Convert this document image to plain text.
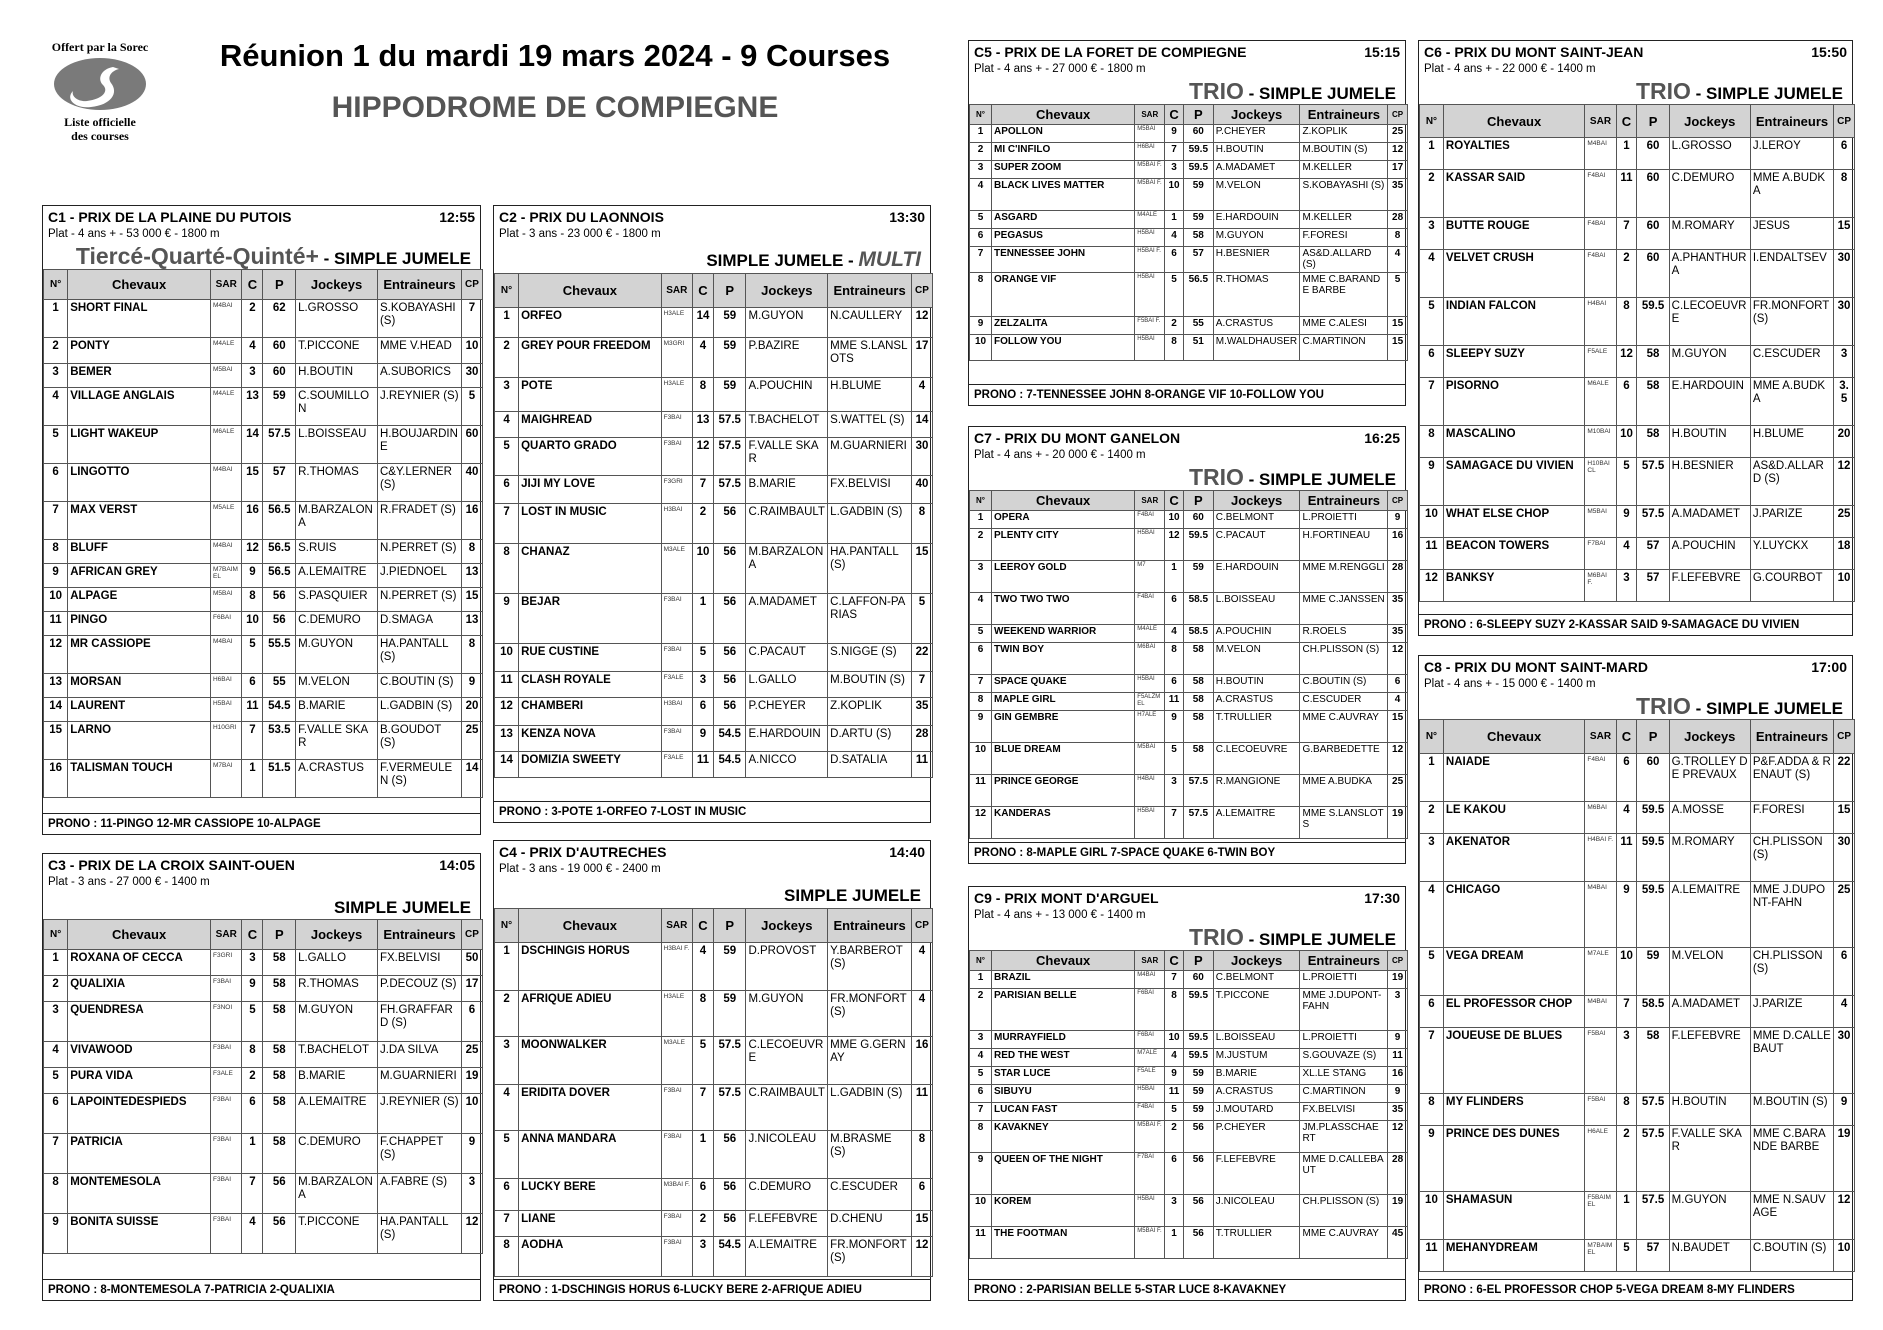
Offert par la Sorec
Liste officielle
des courses
Réunion 1 du mardi 19 mars 2024 - 9 Courses
HIPPODROME DE COMPIEGNE
C1 - PRIX DE LA PLAINE DU PUTOIS	12:55
Plat - 4 ans + - 53 000 € - 1800 m
Tiercé-Quarté-Quinté+ - SIMPLE JUMELE
N°	Chevaux	SAR	C	P	Jockeys	Entraineurs	CP
1	SHORT FINAL	M4BAI	2	62	L.GROSSO	S.KOBAYASHI (S)	7
2	PONTY	M4ALE	4	60	T.PICCONE	MME V.HEAD	10
3	BEMER	M5BAI	3	60	H.BOUTIN	A.SUBORICS	30
4	VILLAGE ANGLAIS	M4ALE	13	59	C.SOUMILLON	J.REYNIER (S)	5
5	LIGHT WAKEUP	M6ALE	14	57.5	L.BOISSEAU	H.BOUJARDINE	60
6	LINGOTTO	M4BAI	15	57	R.THOMAS	C&Y.LERNER (S)	40
7	MAX VERST	M5ALE	16	56.5	M.BARZALONA	R.FRADET (S)	16
8	BLUFF	M4BAI	12	56.5	S.RUIS	N.PERRET (S)	8
9	AFRICAN GREY	M7BAIMEL	9	56.5	A.LEMAITRE	J.PIEDNOEL	13
10	ALPAGE	M5BAI	8	56	S.PASQUIER	N.PERRET (S)	15
11	PINGO	F6BAI	10	56	C.DEMURO	D.SMAGA	13
12	MR CASSIOPE	M4BAI	5	55.5	M.GUYON	HA.PANTALL (S)	8
13	MORSAN	H6BAI	6	55	M.VELON	C.BOUTIN (S)	9
14	LAURENT	H5BAI	11	54.5	B.MARIE	L.GADBIN (S)	20
15	LARNO	H10GRI	7	53.5	F.VALLE SKAR	B.GOUDOT (S)	25
16	TALISMAN TOUCH	M7BAI	1	51.5	A.CRASTUS	F.VERMEULEN (S)	14
PRONO : 11-PINGO 12-MR CASSIOPE 10-ALPAGE
C2 - PRIX DU LAONNOIS	13:30
Plat - 3 ans - 23 000 € - 1800 m
SIMPLE JUMELE - MULTI
N°	Chevaux	SAR	C	P	Jockeys	Entraineurs	CP
1	ORFEO	H3ALE	14	59	M.GUYON	N.CAULLERY	12
2	GREY POUR FREEDOM	M3GRI	4	59	P.BAZIRE	MME S.LANSLOTS	17
3	POTE	H3ALE	8	59	A.POUCHIN	H.BLUME	4
4	MAIGHREAD	F3BAI	13	57.5	T.BACHELOT	S.WATTEL (S)	14
5	QUARTO GRADO	F3BAI	12	57.5	F.VALLE SKAR	M.GUARNIERI	30
6	JIJI MY LOVE	F3GRI	7	57.5	B.MARIE	FX.BELVISI	40
7	LOST IN MUSIC	H3BAI	2	56	C.RAIMBAULT	L.GADBIN (S)	8
8	CHANAZ	M3ALE	10	56	M.BARZALONA	HA.PANTALL (S)	15
9	BEJAR	F3BAI	1	56	A.MADAMET	C.LAFFON-PARIAS	5
10	RUE CUSTINE	F3BAI	5	56	C.PACAUT	S.NIGGE (S)	22
11	CLASH ROYALE	F3ALE	3	56	L.GALLO	M.BOUTIN (S)	7
12	CHAMBERI	H3BAI	6	56	P.CHEYER	Z.KOPLIK	35
13	KENZA NOVA	F3BAI	9	54.5	E.HARDOUIN	D.ARTU (S)	28
14	DOMIZIA SWEETY	F3ALE	11	54.5	A.NICCO	D.SATALIA	11
PRONO : 3-POTE 1-ORFEO 7-LOST IN MUSIC
C3 - PRIX DE LA CROIX SAINT-OUEN	14:05
Plat - 3 ans - 27 000 € - 1400 m
SIMPLE JUMELE
N°	Chevaux	SAR	C	P	Jockeys	Entraineurs	CP
1	ROXANA OF CECCA	F3GRI	3	58	L.GALLO	FX.BELVISI	50
2	QUALIXIA	F3BAI	9	58	R.THOMAS	P.DECOUZ (S)	17
3	QUENDRESA	F3NOI	5	58	M.GUYON	FH.GRAFFARD (S)	6
4	VIVAWOOD	F3BAI	8	58	T.BACHELOT	J.DA SILVA	25
5	PURA VIDA	F3ALE	2	58	B.MARIE	M.GUARNIERI	19
6	LAPOINTEDESPIEDS	F3BAI	6	58	A.LEMAITRE	J.REYNIER (S)	10
7	PATRICIA	F3BAI	1	58	C.DEMURO	F.CHAPPET (S)	9
8	MONTEMESOLA	F3BAI	7	56	M.BARZALONA	A.FABRE (S)	3
9	BONITA SUISSE	F3BAI	4	56	T.PICCONE	HA.PANTALL (S)	12
PRONO : 8-MONTEMESOLA 7-PATRICIA 2-QUALIXIA
C4 - PRIX D'AUTRECHES	14:40
Plat - 3 ans - 19 000 € - 2400 m
SIMPLE JUMELE
N°	Chevaux	SAR	C	P	Jockeys	Entraineurs	CP
1	DSCHINGIS HORUS	H3BAI F.	4	59	D.PROVOST	Y.BARBEROT (S)	4
2	AFRIQUE ADIEU	H3ALE	8	59	M.GUYON	FR.MONFORT (S)	4
3	MOONWALKER	M3ALE	5	57.5	C.LECOEUVRE	MME G.GERNAY	16
4	ERIDITA DOVER	F3BAI	7	57.5	C.RAIMBAULT	L.GADBIN (S)	11
5	ANNA MANDARA	F3BAI	1	56	J.NICOLEAU	M.BRASME (S)	8
6	LUCKY BERE	M3BAI F.	6	56	C.DEMURO	C.ESCUDER	6
7	LIANE	F3BAI	2	56	F.LEFEBVRE	D.CHENU	15
8	AODHA	F3BAI	3	54.5	A.LEMAITRE	FR.MONFORT (S)	12
PRONO : 1-DSCHINGIS HORUS 6-LUCKY BERE 2-AFRIQUE ADIEU
C5 - PRIX DE LA FORET DE COMPIEGNE	15:15
Plat - 4 ans + - 27 000 € - 1800 m
TRIO - SIMPLE JUMELE
N°	Chevaux	SAR	C	P	Jockeys	Entraineurs	CP
1	APOLLON	M5BAI	9	60	P.CHEYER	Z.KOPLIK	25
2	MI C'INFILO	H6BAI	7	59.5	H.BOUTIN	M.BOUTIN (S)	12
3	SUPER ZOOM	M5BAI F.	3	59.5	A.MADAMET	M.KELLER	17
4	BLACK LIVES MATTER	M5BAI F.	10	59	M.VELON	S.KOBAYASHI (S)	35
5	ASGARD	M4ALE	1	59	E.HARDOUIN	M.KELLER	28
6	PEGASUS	H5BAI	4	58	M.GUYON	F.FORESI	8
7	TENNESSEE JOHN	H5BAI F.	6	57	H.BESNIER	AS&D.ALLARD (S)	4
8	ORANGE VIF	H5BAI	5	56.5	R.THOMAS	MME C.BARANDE BARBE	5
9	ZELZALITA	F5BAI F.	2	55	A.CRASTUS	MME C.ALESI	15
10	FOLLOW YOU	H5BAI	8	51	M.WALDHAUSER	C.MARTINON	15
PRONO : 7-TENNESSEE JOHN 8-ORANGE VIF 10-FOLLOW YOU
C6 - PRIX DU MONT SAINT-JEAN	15:50
Plat - 4 ans + - 22 000 € - 1400 m
TRIO - SIMPLE JUMELE
N°	Chevaux	SAR	C	P	Jockeys	Entraineurs	CP
1	ROYALTIES	M4BAI	1	60	L.GROSSO	J.LEROY	6
2	KASSAR SAID	F4BAI	11	60	C.DEMURO	MME A.BUDKA	8
3	BUTTE ROUGE	F4BAI	7	60	M.ROMARY	JESUS	15
4	VELVET CRUSH	F4BAI	2	60	A.PHANTHURA	I.ENDALTSEV	30
5	INDIAN FALCON	H4BAI	8	59.5	C.LECOEUVRE	FR.MONFORT (S)	30
6	SLEEPY SUZY	F5ALE	12	58	M.GUYON	C.ESCUDER	3
7	PISORNO	M6ALE	6	58	E.HARDOUIN	MME A.BUDKA	3.5
8	MASCALINO	M10BAI	10	58	H.BOUTIN	H.BLUME	20
9	SAMAGACE DU VIVIEN	H10BAI CL	5	57.5	H.BESNIER	AS&D.ALLARD (S)	12
10	WHAT ELSE CHOP	M5BAI	9	57.5	A.MADAMET	J.PARIZE	25
11	BEACON TOWERS	F7BAI	4	57	A.POUCHIN	Y.LUYCKX	18
12	BANKSY	M6BAI F.	3	57	F.LEFEBVRE	G.COURBOT	10
PRONO : 6-SLEEPY SUZY 2-KASSAR SAID 9-SAMAGACE DU VIVIEN
C7 - PRIX DU MONT GANELON	16:25
Plat - 4 ans + - 20 000 € - 1400 m
TRIO - SIMPLE JUMELE
N°	Chevaux	SAR	C	P	Jockeys	Entraineurs	CP
1	OPERA	F4BAI	10	60	C.BELMONT	L.PROIETTI	9
2	PLENTY CITY	H5BAI	12	59.5	C.PACAUT	H.FORTINEAU	16
3	LEEROY GOLD	M7	1	59	E.HARDOUIN	MME M.RENGGLI	28
4	TWO TWO TWO	F4BAI	6	58.5	L.BOISSEAU	MME C.JANSSEN	35
5	WEEKEND WARRIOR	M4ALE	4	58.5	A.POUCHIN	R.ROELS	35
6	TWIN BOY	M6BAI	8	58	M.VELON	CH.PLISSON (S)	12
7	SPACE QUAKE	H5BAI	6	58	H.BOUTIN	C.BOUTIN (S)	6
8	MAPLE GIRL	F5ALZM EL	11	58	A.CRASTUS	C.ESCUDER	4
9	GIN GEMBRE	H7ALE	9	58	T.TRULLIER	MME C.AUVRAY	15
10	BLUE DREAM	M5BAI	5	58	C.LECOEUVRE	G.BARBEDETTE	12
11	PRINCE GEORGE	H4BAI	3	57.5	R.MANGIONE	MME A.BUDKA	25
12	KANDERAS	H5BAI	7	57.5	A.LEMAITRE	MME S.LANSLOTS	19
PRONO : 8-MAPLE GIRL 7-SPACE QUAKE 6-TWIN BOY
C8 - PRIX DU MONT SAINT-MARD	17:00
Plat - 4 ans + - 15 000 € - 1400 m
TRIO - SIMPLE JUMELE
N°	Chevaux	SAR	C	P	Jockeys	Entraineurs	CP
1	NAIADE	F4BAI	6	60	G.TROLLEY DE PREVAUX	P&F.ADDA & RENAUT (S)	22
2	LE KAKOU	M6BAI	4	59.5	A.MOSSE	F.FORESI	15
3	AKENATOR	H4BAI F.	11	59.5	M.ROMARY	CH.PLISSON (S)	30
4	CHICAGO	M4BAI	9	59.5	A.LEMAITRE	MME J.DUPONT-FAHN	25
5	VEGA DREAM	M7ALE	10	59	M.VELON	CH.PLISSON (S)	6
6	EL PROFESSOR CHOP	M4BAI	7	58.5	A.MADAMET	J.PARIZE	4
7	JOUEUSE DE BLUES	F5BAI	3	58	F.LEFEBVRE	MME D.CALLEBAUT	30
8	MY FLINDERS	F5BAI	8	57.5	H.BOUTIN	M.BOUTIN (S)	9
9	PRINCE DES DUNES	H6ALE	2	57.5	F.VALLE SKAR	MME C.BARANDE BARBE	19
10	SHAMASUN	F5BAIM EL	1	57.5	M.GUYON	MME N.SAUVAGE	12
11	MEHANYDREAM	M7BAIM EL	5	57	N.BAUDET	C.BOUTIN (S)	10
PRONO : 6-EL PROFESSOR CHOP 5-VEGA DREAM 8-MY FLINDERS
C9 - PRIX MONT D'ARGUEL	17:30
Plat - 4 ans + - 13 000 € - 1400 m
TRIO - SIMPLE JUMELE
N°	Chevaux	SAR	C	P	Jockeys	Entraineurs	CP
1	BRAZIL	M4BAI	7	60	C.BELMONT	L.PROIETTI	19
2	PARISIAN BELLE	F6BAI	8	59.5	T.PICCONE	MME J.DUPONT-FAHN	3
3	MURRAYFIELD	F6BAI	10	59.5	L.BOISSEAU	L.PROIETTI	9
4	RED THE WEST	M7ALE	4	59.5	M.JUSTUM	S.GOUVAZE (S)	11
5	STAR LUCE	F5ALE	9	59	B.MARIE	XL.LE STANG	16
6	SIBUYU	H5BAI	11	59	A.CRASTUS	C.MARTINON	9
7	LUCAN FAST	F4BAI	5	59	J.MOUTARD	FX.BELVISI	35
8	KAVAKNEY	M5BAI F.	2	56	P.CHEYER	JM.PLASSCHAERT	12
9	QUEEN OF THE NIGHT	F7BAI	6	56	F.LEFEBVRE	MME D.CALLEBAUT	28
10	KOREM	H5BAI	3	56	J.NICOLEAU	CH.PLISSON (S)	19
11	THE FOOTMAN	M5BAI F.	1	56	T.TRULLIER	MME C.AUVRAY	45
PRONO : 2-PARISIAN BELLE 5-STAR LUCE 8-KAVAKNEY
